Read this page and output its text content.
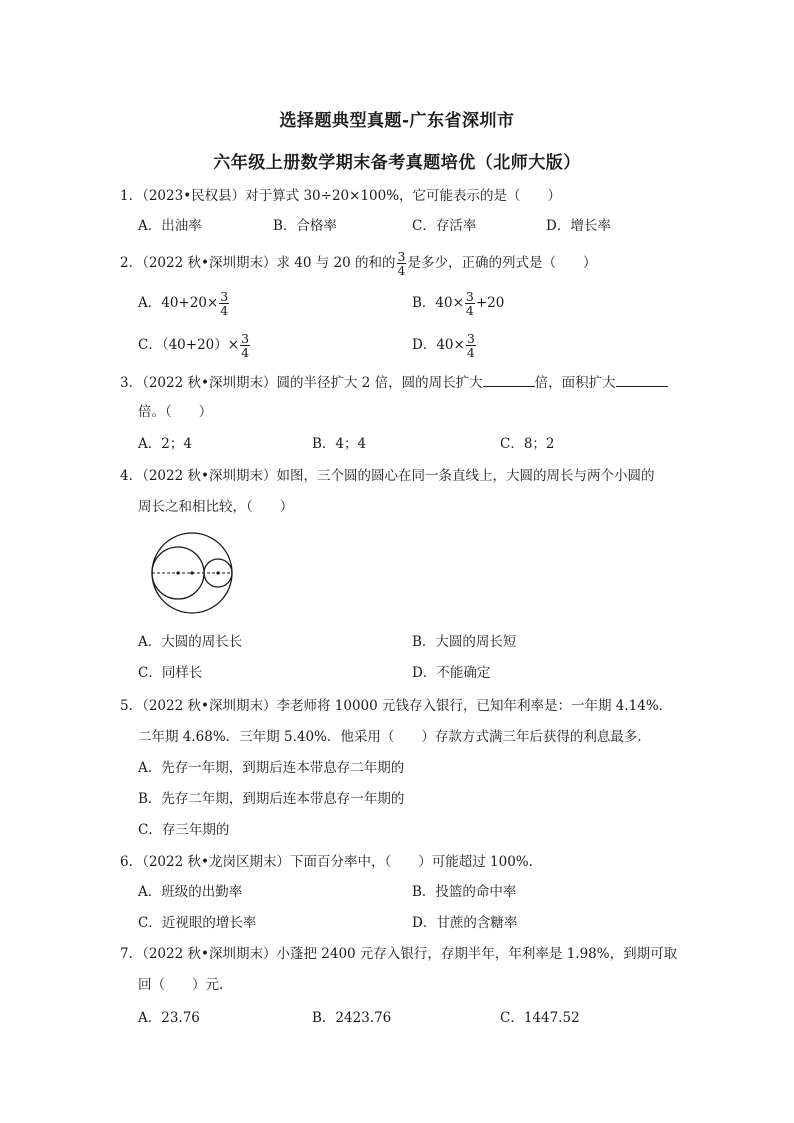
选择题典型真题-广东省深圳市
六年级上册数学期末备考真题培优（北师大版）
1．（2023•民权县）对于算式 30÷20×100%，它可能表示的是（　　）
A．出油率	B．合格率	C．存活率	D．增长率
2．（2022 秋•深圳期末）求 40 与 20 的和的 $\frac{3}{4}$ 是多少，正确的列式是（　　）
A．$40+20\times \frac{3}{4}$	B．$40\times \frac{3}{4} +20$
C．$(40+20)\times \frac{3}{4}$	D．$40\times \frac{3}{4}$
3．（2022 秋•深圳期末）圆的半径扩大 2 倍，圆的周长扩大	倍，面积扩大
倍。（　　）
A．2；4	B．4；4	C．8；2
4．（2022 秋•深圳期末）如图，三个圆的圆心在同一条直线上，大圆的周长与两个小圆的
周长之和相比较，（　　）
A．大圆的周长长	B．大圆的周长短
C．同样长	D．不能确定
5．（2022 秋•深圳期末）李老师将 10000 元钱存入银行，已知年利率是：一年期 4.14%．
二年期 4.68%．三年期 5.40%．他采用（　　）存款方式满三年后获得的利息最多．
A．先存一年期，到期后连本带息存二年期的
B．先存二年期，到期后连本带息存一年期的
C．存三年期的
6．（2022 秋•龙岗区期末）下面百分率中，（　　）可能超过 100%．
A．班级的出勤率	B．投篮的命中率
C．近视眼的增长率	D．甘蔗的含糖率
7．（2022 秋•深圳期末）小蓬把 2400 元存入银行，存期半年，年利率是 1.98%，到期可取
回（　　）元．
A．23.76	B．2423.76	C．1447.52
